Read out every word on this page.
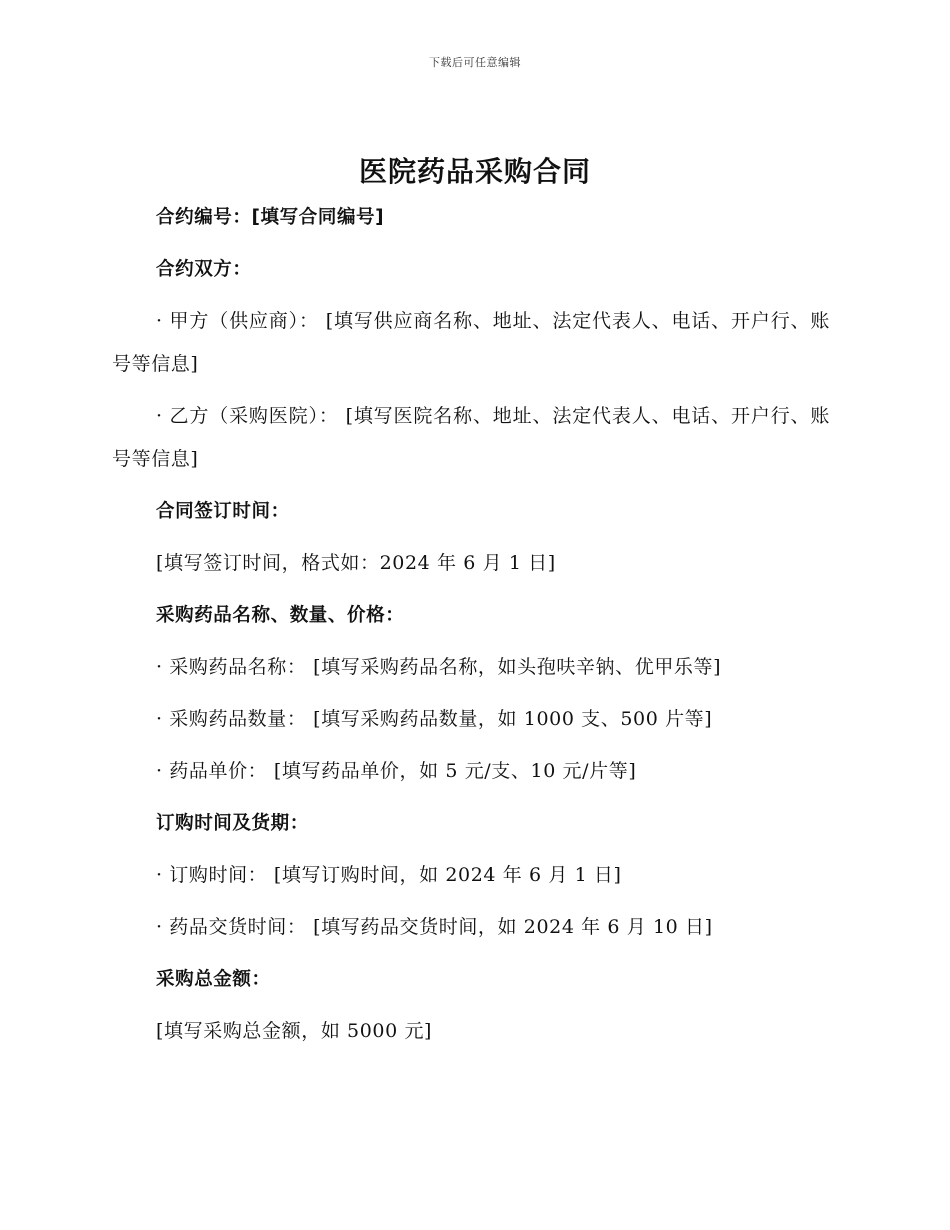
下载后可任意编辑
医院药品采购合同

合约编号：[填写合同编号]

合约双方：

· 甲方（供应商）： [填写供应商名称、地址、法定代表人、电话、开户行、账号等信息]

· 乙方（采购医院）： [填写医院名称、地址、法定代表人、电话、开户行、账号等信息]

合同签订时间：

[填写签订时间，格式如：2024 年 6 月 1 日]

采购药品名称、数量、价格：

· 采购药品名称： [填写采购药品名称，如头孢呋辛钠、优甲乐等]

· 采购药品数量： [填写采购药品数量，如 1000 支、500 片等]

· 药品单价： [填写药品单价，如 5 元/支、10 元/片等]

订购时间及货期：

· 订购时间： [填写订购时间，如 2024 年 6 月 1 日]

· 药品交货时间： [填写药品交货时间，如 2024 年 6 月 10 日]

采购总金额：

[填写采购总金额，如 5000 元]
